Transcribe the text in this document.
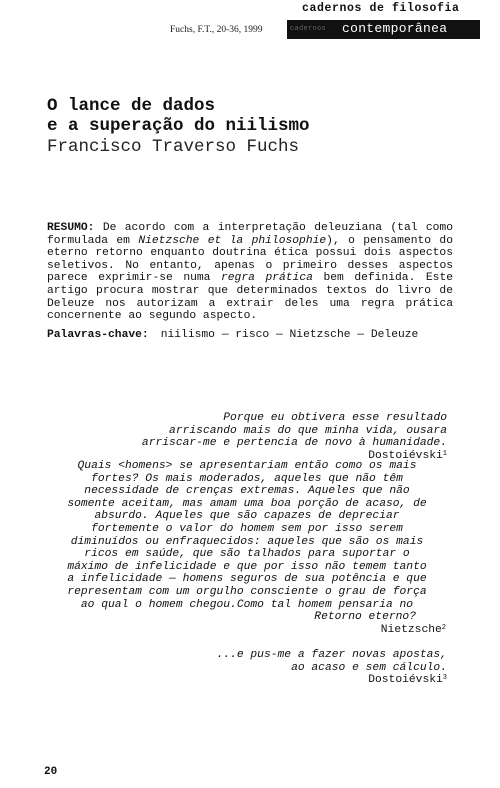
cadernos de filosofia
Fuchs, F.T., 20-36, 1999	cadernos contemporânea
O lance de dados
e a superação do niilismo
Francisco Traverso Fuchs
RESUMO: De acordo com a interpretação deleuziana (tal como formulada em Nietzsche et la philosophie), o pensamento do eterno retorno enquanto doutrina ética possui dois aspectos seletivos. No entanto, apenas o primeiro desses aspectos parece exprimir-se numa regra prática bem definida. Este artigo procura mostrar que determinados textos do livro de Deleuze nos autorizam a extrair deles uma regra prática concernente ao segundo aspecto.
Palavras-chave: niilismo — risco — Nietzsche — Deleuze
Porque eu obtivera esse resultado
arriscando mais do que minha vida, ousara
arriscar-me e pertencia de novo à humanidade.
Dostoiévski$^1$
Quais <homens> se apresentariam então como os mais
fortes? Os mais moderados, aqueles que não têm
necessidade de crenças extremas. Aqueles que não
somente aceitam, mas amam uma boa porção de acaso, de
absurdo. Aqueles que são capazes de depreciar
fortemente o valor do homem sem por isso serem
diminuídos ou enfraquecidos: aqueles que são os mais
ricos em saúde, que são talhados para suportar o
máximo de infelicidade e que por isso não temem tanto
a infelicidade — homens seguros de sua potência e que
representam com um orgulho consciente o grau de força
ao qual o homem chegou.Como tal homem pensaria no
Retorno eterno?
Nietzsche$^2$
...e pus-me a fazer novas apostas,
ao acaso e sem cálculo.
Dostoiévski$^3$
20
